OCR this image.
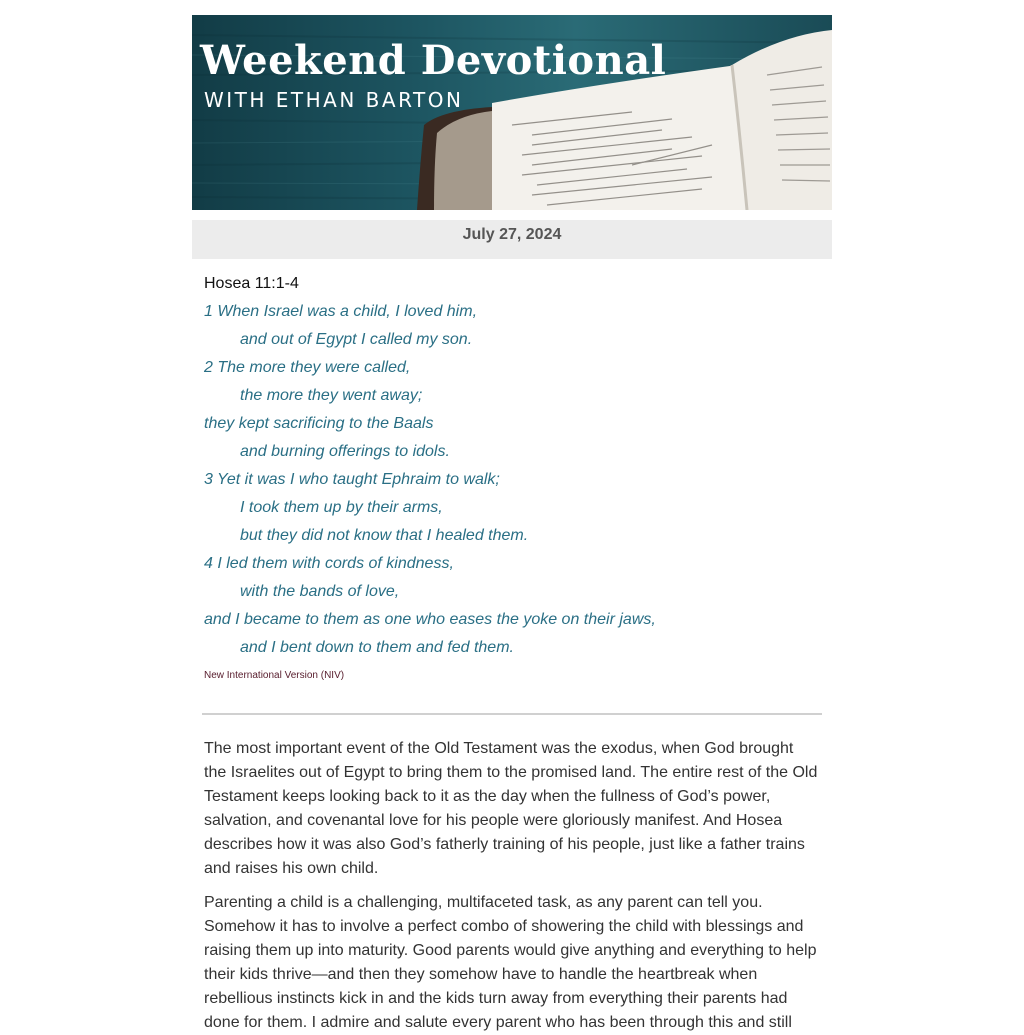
Weekend Devotional
WITH ETHAN BARTON
July 27, 2024
Hosea 11:1-4
1 When Israel was a child, I loved him,
and out of Egypt I called my son.
2 The more they were called,
the more they went away;
they kept sacrificing to the Baals
and burning offerings to idols.
3 Yet it was I who taught Ephraim to walk;
I took them up by their arms,
but they did not know that I healed them.
4 I led them with cords of kindness,
with the bands of love,
and I became to them as one who eases the yoke on their jaws,
and I bent down to them and fed them.
New International Version (NIV)

The most important event of the Old Testament was the exodus, when God brought the Israelites out of Egypt to bring them to the promised land. The entire rest of the Old Testament keeps looking back to it as the day when the fullness of God’s power, salvation, and covenantal love for his people were gloriously manifest. And Hosea describes how it was also God’s fatherly training of his people, just like a father trains and raises his own child.

Parenting a child is a challenging, multifaceted task, as any parent can tell you. Somehow it has to involve a perfect combo of showering the child with blessings and raising them up into maturity. Good parents would give anything and everything to help their kids thrive—and then they somehow have to handle the heartbreak when rebellious instincts kick in and the kids turn away from everything their parents had done for them. I admire and salute every parent who has been through this and still
